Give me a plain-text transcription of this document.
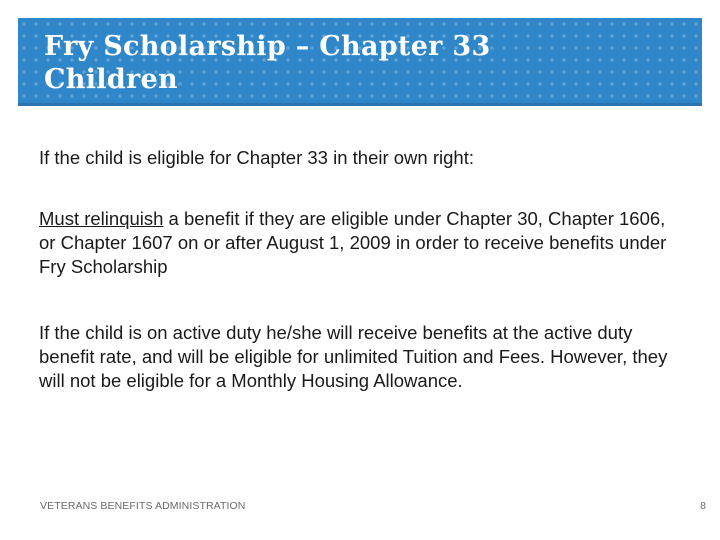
Fry Scholarship – Chapter 33
Children

If the child is eligible for Chapter 33 in their own right:

Must relinquish a benefit if they are eligible under Chapter 30, Chapter 1606, or Chapter 1607 on or after August 1, 2009 in order to receive benefits under Fry Scholarship

If the child is on active duty he/she will receive benefits at the active duty benefit rate, and will be eligible for unlimited Tuition and Fees. However, they will not be eligible for a Monthly Housing Allowance.

VETERANS BENEFITS ADMINISTRATION	8
